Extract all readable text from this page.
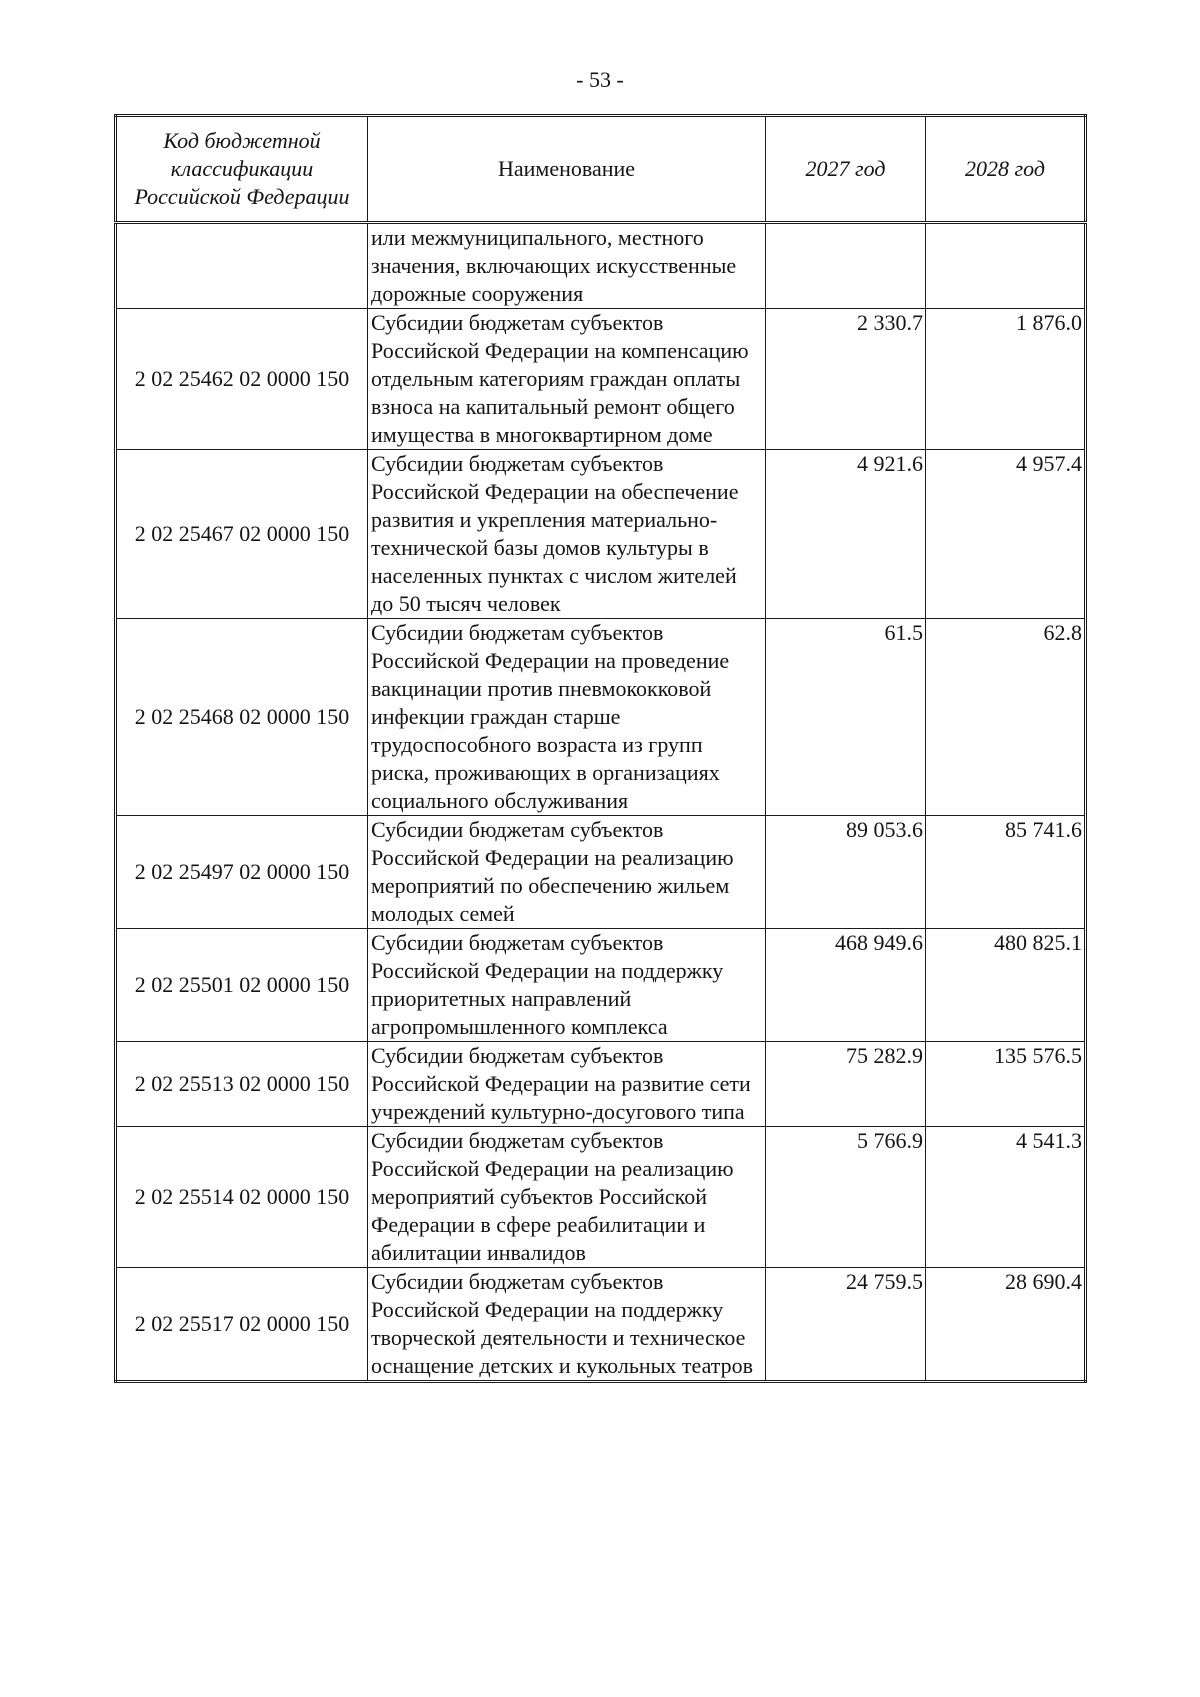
- 53 -
Код бюджетной классификации Российской Федерации	Наименование	2027 год	2028 год
	или межмуниципального, местного значения, включающих искусственные дорожные сооружения		
2 02 25462 02 0000 150	Субсидии бюджетам субъектов Российской Федерации на компенсацию отдельным категориям граждан оплаты взноса на капитальный ремонт общего имущества в многоквартирном доме	2 330.7	1 876.0
2 02 25467 02 0000 150	Субсидии бюджетам субъектов Российской Федерации на обеспечение развития и укрепления материально-технической базы домов культуры в населенных пунктах с числом жителей до 50 тысяч человек	4 921.6	4 957.4
2 02 25468 02 0000 150	Субсидии бюджетам субъектов Российской Федерации на проведение вакцинации против пневмококковой инфекции граждан старше трудоспособного возраста из групп риска, проживающих в организациях социального обслуживания	61.5	62.8
2 02 25497 02 0000 150	Субсидии бюджетам субъектов Российской Федерации на реализацию мероприятий по обеспечению жильем молодых семей	89 053.6	85 741.6
2 02 25501 02 0000 150	Субсидии бюджетам субъектов Российской Федерации на поддержку приоритетных направлений агропромышленного комплекса	468 949.6	480 825.1
2 02 25513 02 0000 150	Субсидии бюджетам субъектов Российской Федерации на развитие сети учреждений культурно-досугового типа	75 282.9	135 576.5
2 02 25514 02 0000 150	Субсидии бюджетам субъектов Российской Федерации на реализацию мероприятий субъектов Российской Федерации в сфере реабилитации и абилитации инвалидов	5 766.9	4 541.3
2 02 25517 02 0000 150	Субсидии бюджетам субъектов Российской Федерации на поддержку творческой деятельности и техническое оснащение детских и кукольных театров	24 759.5	28 690.4
